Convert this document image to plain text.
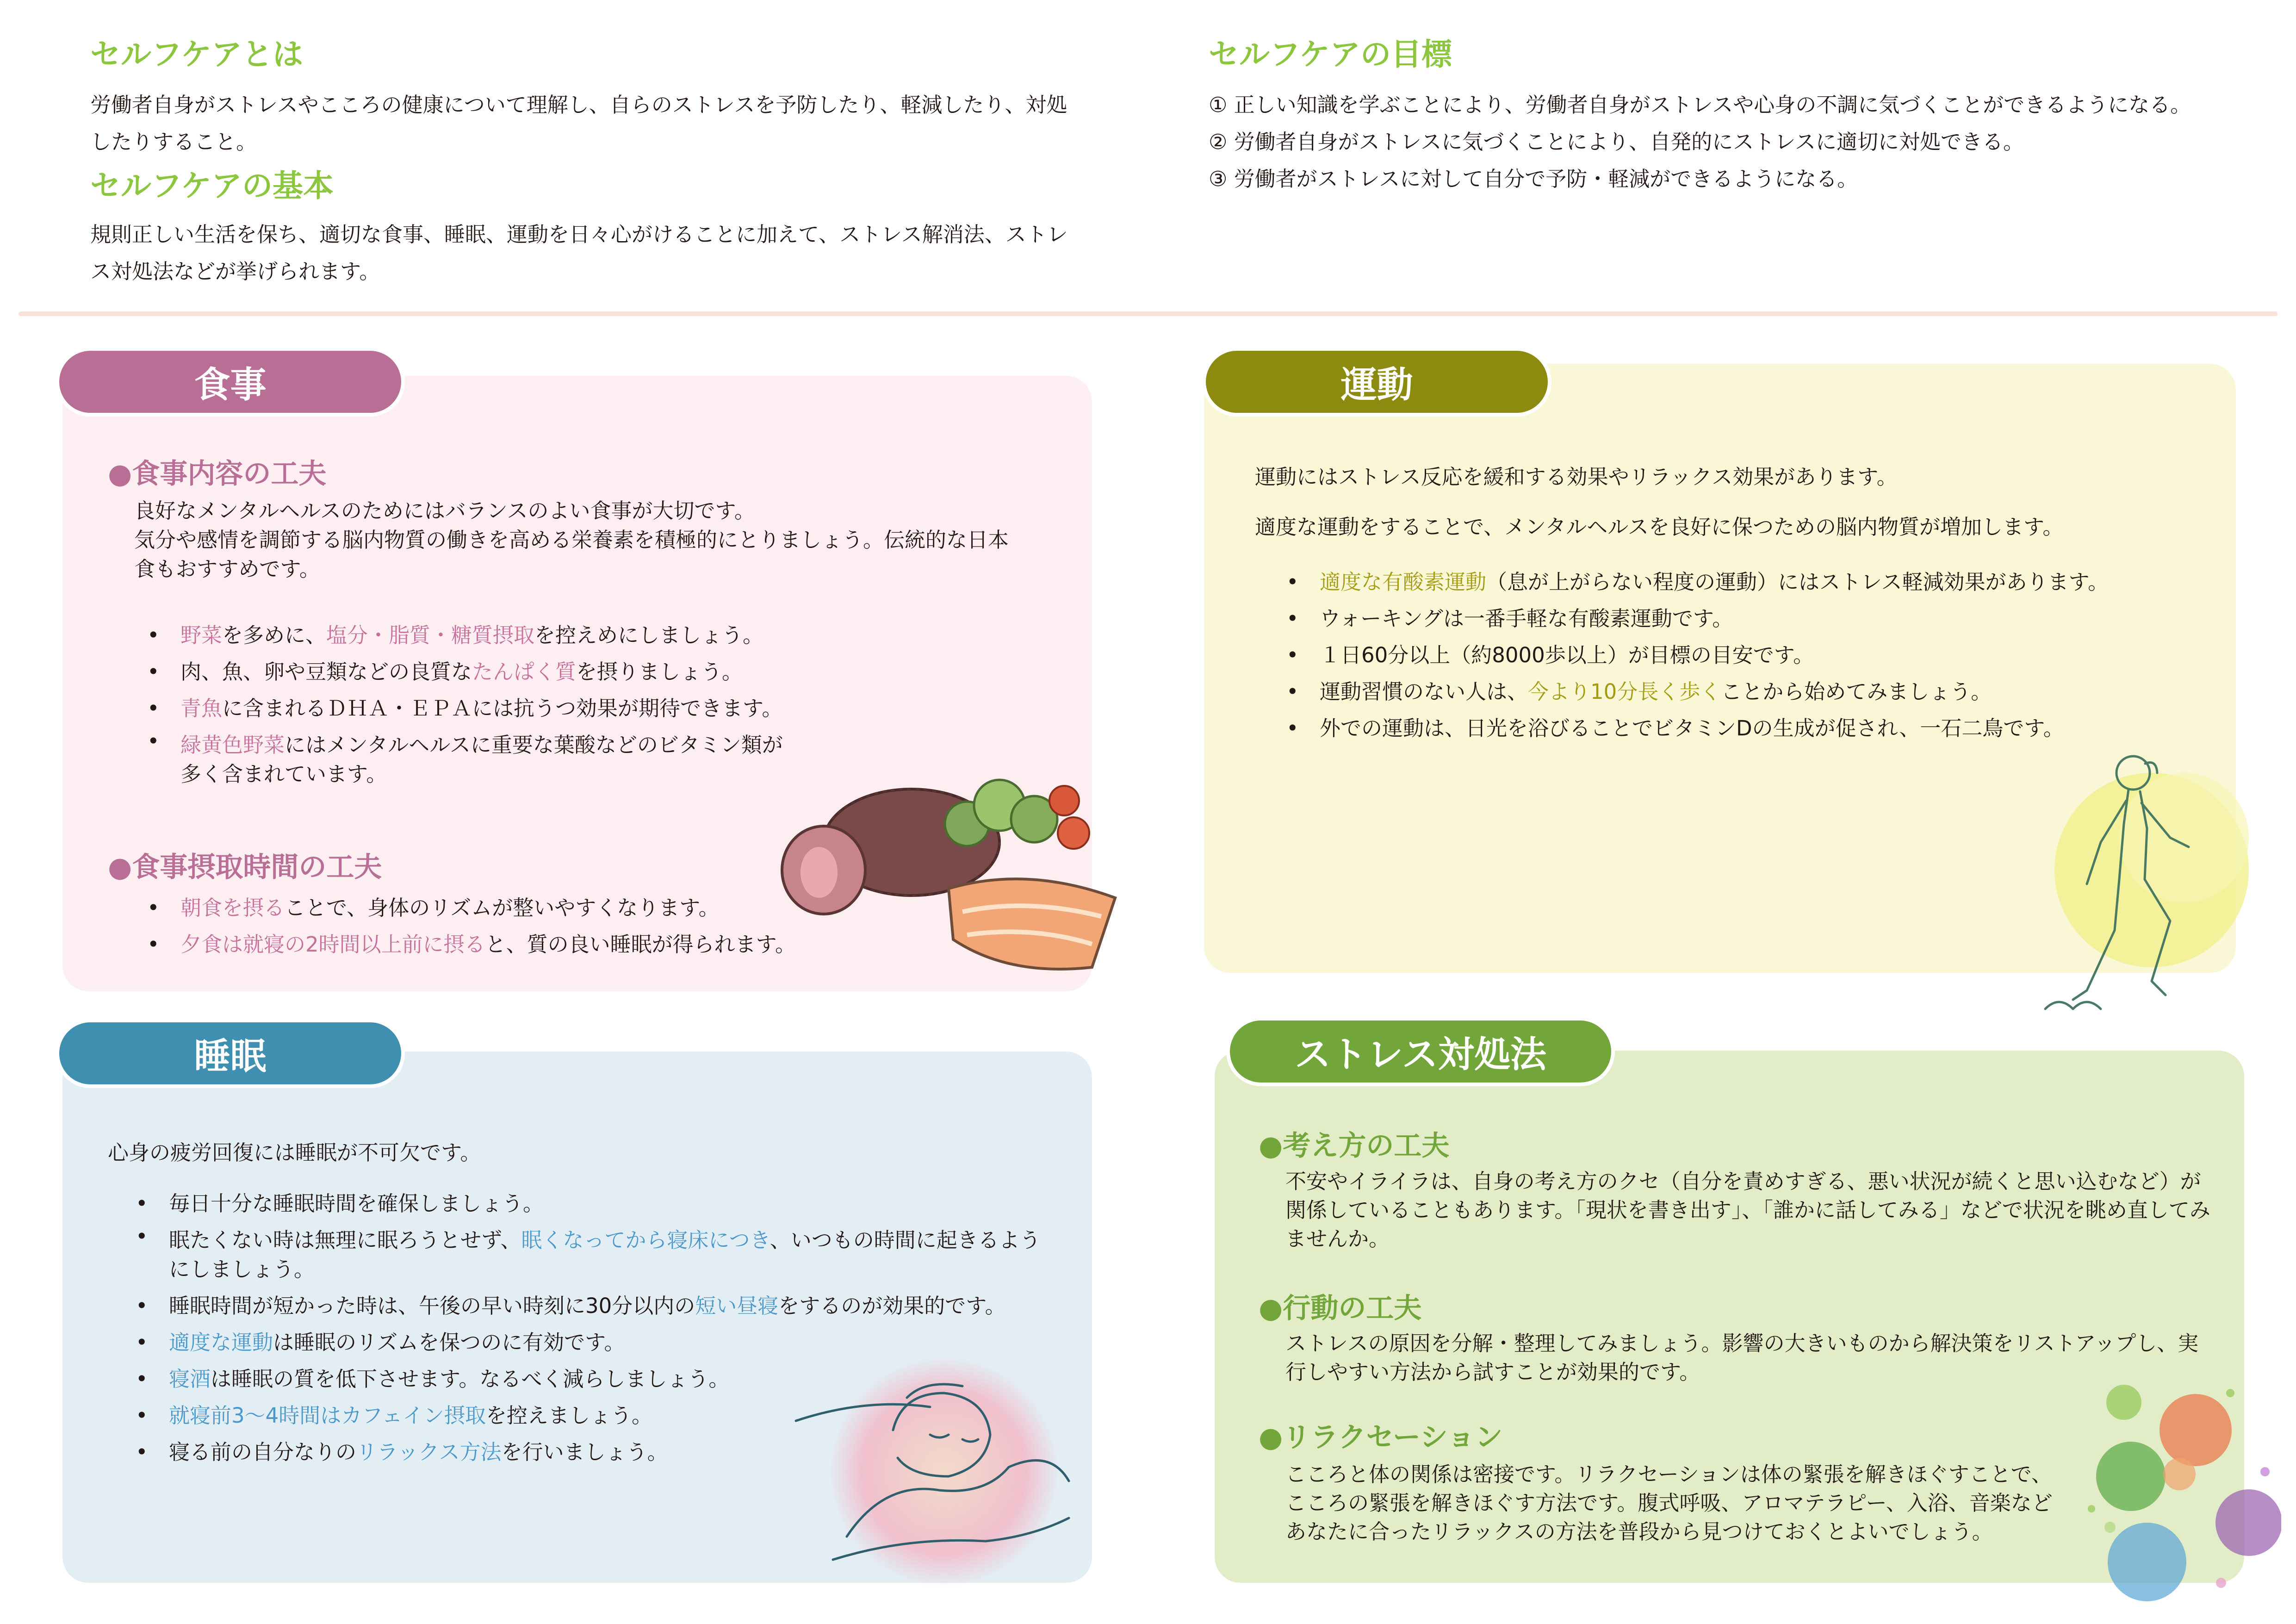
セルフケアとは

労働者自身がストレスやこころの健康について理解し、自らのストレスを予防したり、軽減したり、対処したりすること。

セルフケアの基本

規則正しい生活を保ち、適切な食事、睡眠、運動を日々心がけることに加えて、ストレス解消法、ストレス対処法などが挙げられます。

セルフケアの目標

① 正しい知識を学ぶことにより、労働者自身がストレスや心身の不調に気づくことができるようになる。

② 労働者自身がストレスに気づくことにより、自発的にストレスに適切に対処できる。

③ 労働者がストレスに対して自分で予防・軽減ができるようになる。

食事
●食事内容の工夫

良好なメンタルヘルスのためにはバランスのよい食事が大切です。

気分や感情を調節する脳内物質の働きを高める栄養素を積極的にとりましょう。伝統的な日本

食もおすすめです。

• 野菜を多めに、塩分・脂質・糖質摂取を控えめにしましょう。
• 肉、魚、卵や豆類などの良質なたんぱく質を摂りましょう。
• 青魚に含まれるＤＨＡ・ＥＰＡには抗うつ効果が期待できます。
• 緑黄色野菜にはメンタルヘルスに重要な葉酸などのビタミン類が
多く含まれています。
●食事摂取時間の工夫
• 朝食を摂ることで、身体のリズムが整いやすくなります。
• 夕食は就寝の2時間以上前に摂ると、質の良い睡眠が得られます。
運動

運動にはストレス反応を緩和する効果やリラックス効果があります。

適度な運動をすることで、メンタルヘルスを良好に保つための脳内物質が増加します。

• 適度な有酸素運動（息が上がらない程度の運動）にはストレス軽減効果があります。
• ウォーキングは一番手軽な有酸素運動です。
• １日60分以上（約8000歩以上）が目標の目安です。
• 運動習慣のない人は、今より10分長く歩くことから始めてみましょう。
• 外での運動は、日光を浴びることでビタミンDの生成が促され、一石二鳥です。
睡眠

心身の疲労回復には睡眠が不可欠です。

• 毎日十分な睡眠時間を確保しましょう。
• 眠たくない時は無理に眠ろうとせず、眠くなってから寝床につき、いつもの時間に起きるよう
にしましょう。
• 睡眠時間が短かった時は、午後の早い時刻に30分以内の短い昼寝をするのが効果的です。
• 適度な運動は睡眠のリズムを保つのに有効です。
• 寝酒は睡眠の質を低下させます。なるべく減らしましょう。
• 就寝前3～4時間はカフェイン摂取を控えましょう。
• 寝る前の自分なりのリラックス方法を行いましょう。
ストレス対処法
●考え方の工夫

不安やイライラは、自身の考え方のクセ（自分を責めすぎる、悪い状況が続くと思い込むなど）が

関係していることもあります。「現状を書き出す」、「誰かに話してみる」などで状況を眺め直してみ

ませんか。

●行動の工夫

ストレスの原因を分解・整理してみましょう。影響の大きいものから解決策をリストアップし、実

行しやすい方法から試すことが効果的です。

●リラクセーション

こころと体の関係は密接です。リラクセーションは体の緊張を解きほぐすことで、

こころの緊張を解きほぐす方法です。腹式呼吸、アロマテラピー、入浴、音楽など

あなたに合ったリラックスの方法を普段から見つけておくとよいでしょう。
